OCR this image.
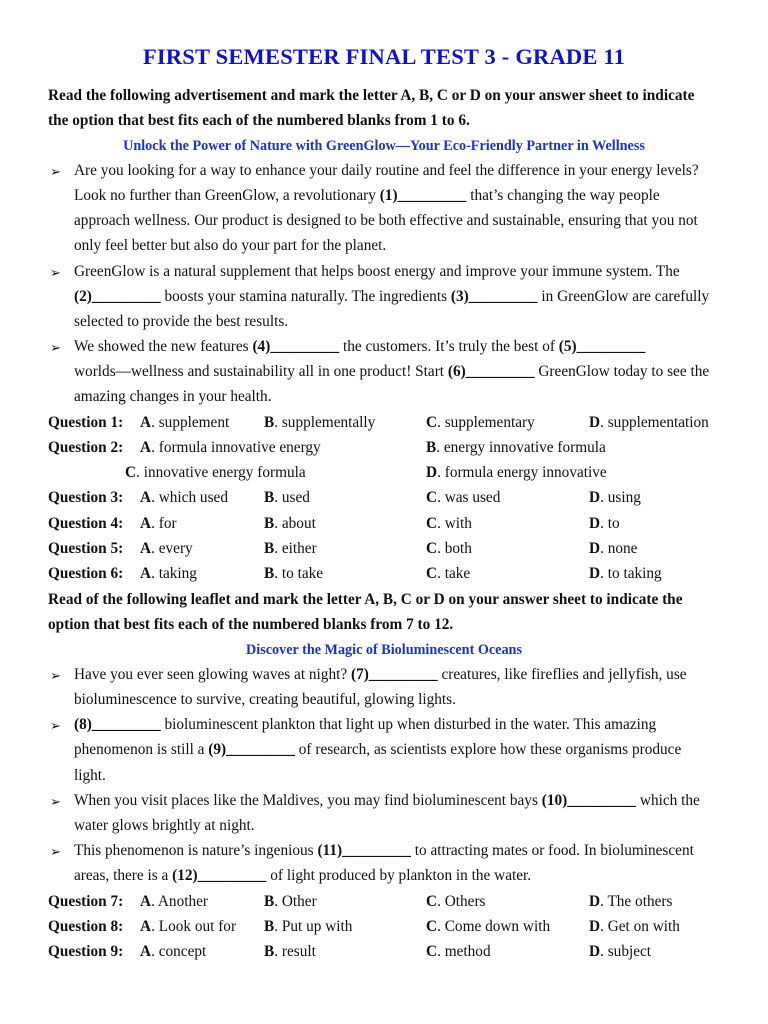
FIRST SEMESTER FINAL TEST 3 - GRADE 11
Read the following advertisement and mark the letter A, B, C or D on your answer sheet to indicate
the option that best fits each of the numbered blanks from 1 to 6.
Unlock the Power of Nature with GreenGlow—Your Eco-Friendly Partner in Wellness
➢ Are you looking for a way to enhance your daily routine and feel the difference in your energy levels?
Look no further than GreenGlow, a revolutionary (1)_________ that’s changing the way people
approach wellness. Our product is designed to be both effective and sustainable, ensuring that you not
only feel better but also do your part for the planet.
➢ GreenGlow is a natural supplement that helps boost energy and improve your immune system. The
(2)_________ boosts your stamina naturally. The ingredients (3)_________ in GreenGlow are carefully
selected to provide the best results.
➢ We showed the new features (4)_________ the customers. It’s truly the best of (5)_________
worlds—wellness and sustainability all in one product! Start (6)_________ GreenGlow today to see the
amazing changes in your health.
Question 1: A. supplement B. supplementally	C. supplementary	D. supplementation
Question 2: A. formula innovative energy	B. energy innovative formula
C. innovative energy formula	D. formula energy innovative
Question 3: A. which used B. used	C. was used	D. using
Question 4: A. for	B. about	C. with	D. to
Question 5: A. every	B. either	C. both	D. none
Question 6: A. taking	B. to take	C. take	D. to taking
Read of the following leaflet and mark the letter A, B, C or D on your answer sheet to indicate the
option that best fits each of the numbered blanks from 7 to 12.
Discover the Magic of Bioluminescent Oceans
➢ Have you ever seen glowing waves at night? (7)_________ creatures, like fireflies and jellyfish, use
bioluminescence to survive, creating beautiful, glowing lights.
➢ (8)_________ bioluminescent plankton that light up when disturbed in the water. This amazing
phenomenon is still a (9)_________ of research, as scientists explore how these organisms produce
light.
➢ When you visit places like the Maldives, you may find bioluminescent bays (10)_________ which the
water glows brightly at night.
➢ This phenomenon is nature’s ingenious (11)_________ to attracting mates or food. In bioluminescent
areas, there is a (12)_________ of light produced by plankton in the water.
Question 7: A. Another	B. Other	C. Others	D. The others
Question 8: A. Look out for B. Put up with	C. Come down with	D. Get on with
Question 9: A. concept	B. result	C. method	D. subject
